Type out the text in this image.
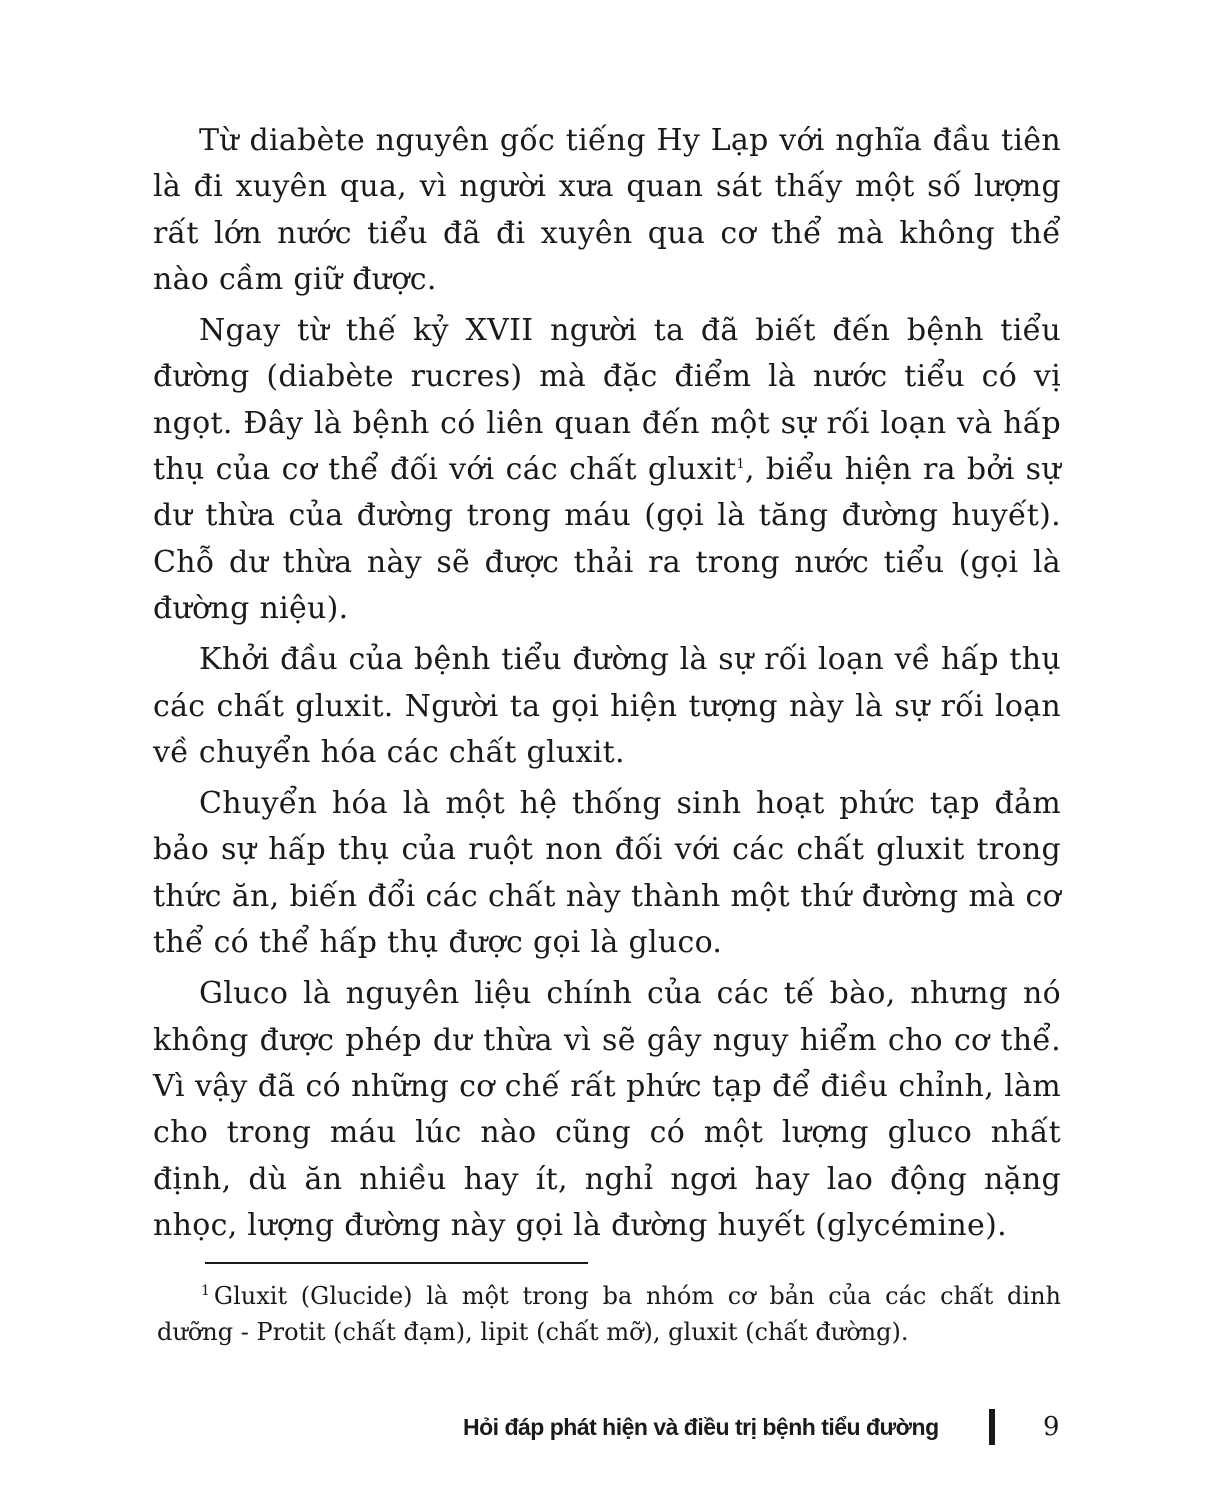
Từ diabète nguyên gốc tiếng Hy Lạp với nghĩa đầu tiên là đi xuyên qua, vì người xưa quan sát thấy một số lượng rất lớn nước tiểu đã đi xuyên qua cơ thể mà không thể nào cầm giữ được.

Ngay từ thế kỷ XVII người ta đã biết đến bệnh tiểu đường (diabète rucres) mà đặc điểm là nước tiểu có vị ngọt. Đây là bệnh có liên quan đến một sự rối loạn và hấp thụ của cơ thể đối với các chất gluxit$^1$, biểu hiện ra bởi sự dư thừa của đường trong máu (gọi là tăng đường huyết). Chỗ dư thừa này sẽ được thải ra trong nước tiểu (gọi là đường niệu).

Khởi đầu của bệnh tiểu đường là sự rối loạn về hấp thụ các chất gluxit. Người ta gọi hiện tượng này là sự rối loạn về chuyển hóa các chất gluxit.

Chuyển hóa là một hệ thống sinh hoạt phức tạp đảm bảo sự hấp thụ của ruột non đối với các chất gluxit trong thức ăn, biến đổi các chất này thành một thứ đường mà cơ thể có thể hấp thụ được gọi là gluco.

Gluco là nguyên liệu chính của các tế bào, nhưng nó không được phép dư thừa vì sẽ gây nguy hiểm cho cơ thể. Vì vậy đã có những cơ chế rất phức tạp để điều chỉnh, làm cho trong máu lúc nào cũng có một lượng gluco nhất định, dù ăn nhiều hay ít, nghỉ ngơi hay lao động nặng nhọc, lượng đường này gọi là đường huyết (glycémine).

$^1$ Gluxit (Glucide) là một trong ba nhóm cơ bản của các chất dinh dưỡng - Protit (chất đạm), lipit (chất mỡ), gluxit (chất đường).

Hỏi đáp phát hiện và điều trị bệnh tiểu đường	9
